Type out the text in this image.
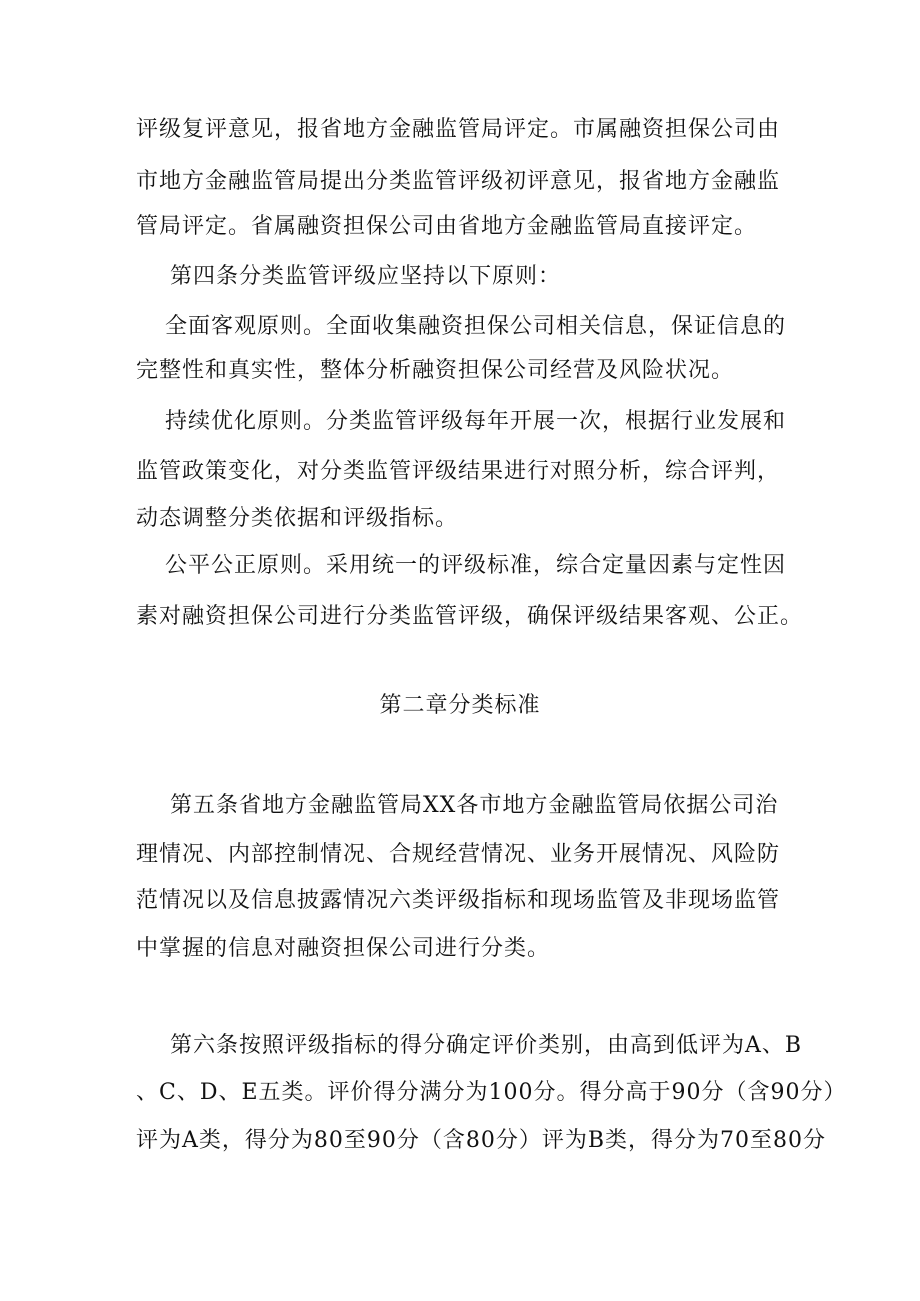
评级复评意见，报省地方金融监管局评定。市属融资担保公司由
市地方金融监管局提出分类监管评级初评意见，报省地方金融监
管局评定。省属融资担保公司由省地方金融监管局直接评定。
第四条分类监管评级应坚持以下原则：
全面客观原则。全面收集融资担保公司相关信息，保证信息的
完整性和真实性，整体分析融资担保公司经营及风险状况。
持续优化原则。分类监管评级每年开展一次，根据行业发展和
监管政策变化，对分类监管评级结果进行对照分析，综合评判，
动态调整分类依据和评级指标。
公平公正原则。采用统一的评级标准，综合定量因素与定性因
素对融资担保公司进行分类监管评级，确保评级结果客观、公正。
第二章分类标准
第五条省地方金融监管局XX各市地方金融监管局依据公司治
理情况、内部控制情况、合规经营情况、业务开展情况、风险防
范情况以及信息披露情况六类评级指标和现场监管及非现场监管
中掌握的信息对融资担保公司进行分类。
第六条按照评级指标的得分确定评价类别，由高到低评为A、B
、C、D、E五类。评价得分满分为100分。得分高于90分（含90分）
评为A类，得分为80至90分（含80分）评为B类，得分为70至80分
